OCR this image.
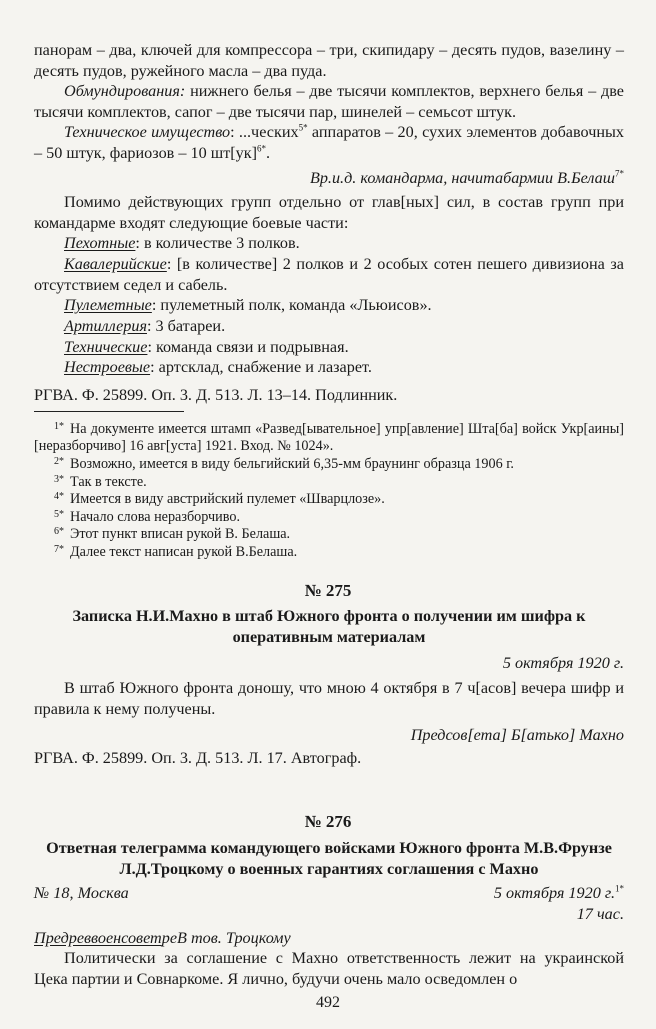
панорам – два, ключей для компрессора – три, скипидару – десять пудов, вазелину – десять пудов, ружейного масла – два пуда.

Обмундирования: нижнего белья – две тысячи комплектов, верхнего белья – две тысячи комплектов, сапог – две тысячи пар, шинелей – семьсот штук.

Техническое имущество: ...ческих$^{5*}$ аппаратов – 20, сухих элементов добавочных – 50 штук, фариозов – 10 шт[ук]$^{6*}$.

Вр.и.д. командарма, начитабармии В.Белаш$^{7*}$

Помимо действующих групп отдельно от глав[ных] сил, в состав групп при командарме входят следующие боевые части:

Пехотные: в количестве 3 полков.

Кавалерийские: [в количестве] 2 полков и 2 особых сотен пешего дивизиона за отсутствием седел и сабель.

Пулеметные: пулеметный полк, команда «Льюисов».

Артиллерия: 3 батареи.

Технические: команда связи и подрывная.

Нестроевые: артсклад, снабжение и лазарет.

РГВА. Ф. 25899. Оп. 3. Д. 513. Л. 13–14. Подлинник.

1* На документе имеется штамп «Развед[ывательное] упр[авление] Шта[ба] войск Укр[аины] [неразборчиво] 16 авг[уста] 1921. Вход. № 1024».

2* Возможно, имеется в виду бельгийский 6,35-мм браунинг образца 1906 г.

3* Так в тексте.

4* Имеется в виду австрийский пулемет «Шварцлозе».

5* Начало слова неразборчиво.

6* Этот пункт вписан рукой В. Белаша.

7* Далее текст написан рукой В.Белаша.

№ 275
Записка Н.И.Махно в штаб Южного фронта о получении им шифра к оперативным материалам

5 октября 1920 г.

В штаб Южного фронта доношу, что мною 4 октября в 7 ч[асов] вечера шифр и правила к нему получены.

Предсов[ета] Б[атько] Махно

РГВА. Ф. 25899. Оп. 3. Д. 513. Л. 17. Автограф.

№ 276
Ответная телеграмма командующего войсками Южного фронта М.В.Фрунзе Л.Д.Троцкому о военных гарантиях соглашения с Махно
№ 18, Москва	5 октября 1920 г.$^{1*}$

17 час.

ПредреввоенсоветреВ тов. Троцкому

Политически за соглашение с Махно ответственность лежит на украинской Цека партии и Совнаркоме. Я лично, будучи очень мало осведомлен о

492
